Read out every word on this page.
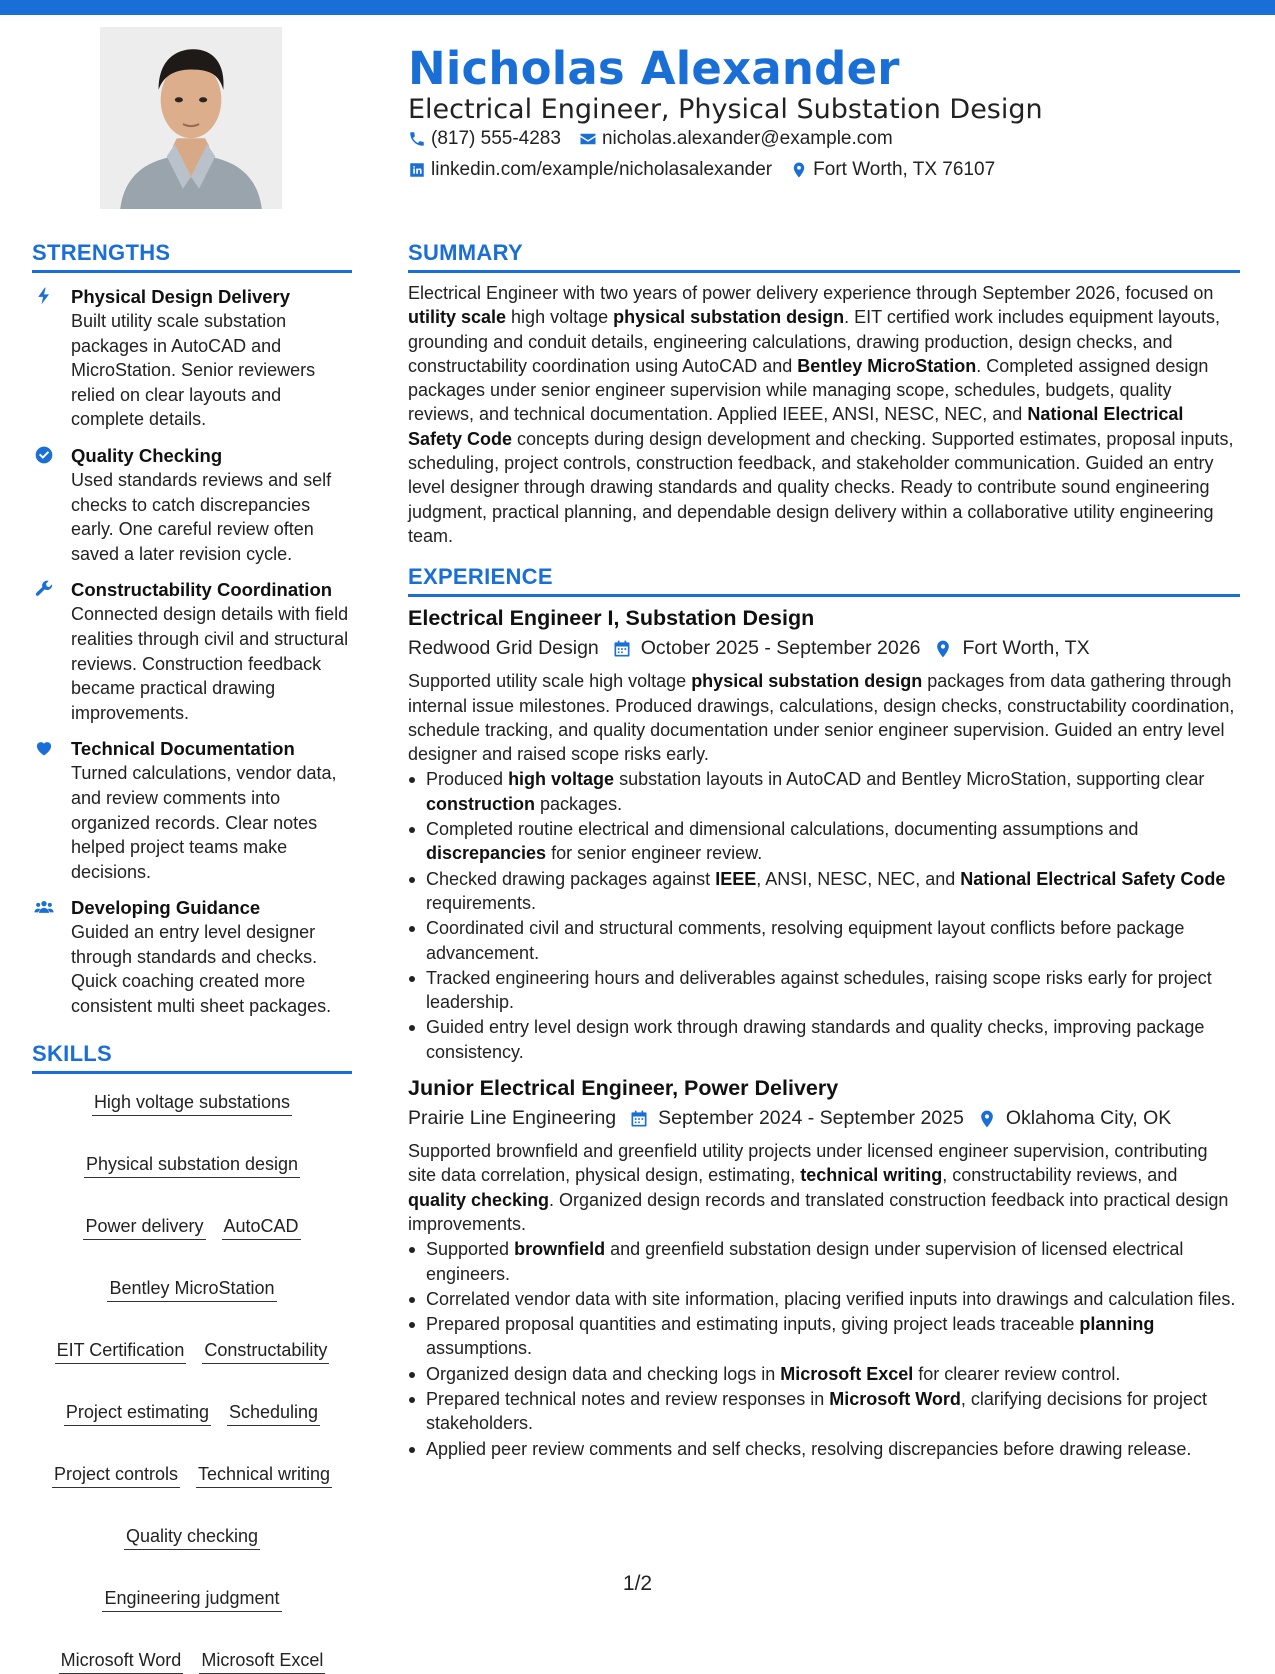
Nicholas Alexander
Electrical Engineer, Physical Substation Design
(817) 555-4283 nicholas.alexander@example.com
linkedin.com/example/nicholasalexander Fort Worth, TX 76107
STRENGTHS
Physical Design Delivery
Built utility scale substation packages in AutoCAD and MicroStation. Senior reviewers relied on clear layouts and complete details.
Quality Checking
Used standards reviews and self checks to catch discrepancies early. One careful review often saved a later revision cycle.
Constructability Coordination
Connected design details with field realities through civil and structural reviews. Construction feedback became practical drawing improvements.
Technical Documentation
Turned calculations, vendor data, and review comments into organized records. Clear notes helped project teams make decisions.
Developing Guidance
Guided an entry level designer through standards and checks. Quick coaching created more consistent multi sheet packages.
SKILLS
High voltage substations
Physical substation design
Power delivery AutoCAD
Bentley MicroStation
EIT Certification Constructability
Project estimating Scheduling
Project controls Technical writing
Quality checking
Engineering judgment
Microsoft Word Microsoft Excel
SUMMARY
Electrical Engineer with two years of power delivery experience through September 2026, focused on utility scale high voltage physical substation design. EIT certified work includes equipment layouts, grounding and conduit details, engineering calculations, drawing production, design checks, and constructability coordination using AutoCAD and Bentley MicroStation. Completed assigned design packages under senior engineer supervision while managing scope, schedules, budgets, quality reviews, and technical documentation. Applied IEEE, ANSI, NESC, NEC, and National Electrical Safety Code concepts during design development and checking. Supported estimates, proposal inputs, scheduling, project controls, construction feedback, and stakeholder communication. Guided an entry level designer through drawing standards and quality checks. Ready to contribute sound engineering judgment, practical planning, and dependable design delivery within a collaborative utility engineering team.
EXPERIENCE
Electrical Engineer I, Substation Design
Redwood Grid Design October 2025 - September 2026 Fort Worth, TX

Supported utility scale high voltage physical substation design packages from data gathering through internal issue milestones. Produced drawings, calculations, design checks, constructability coordination, schedule tracking, and quality documentation under senior engineer supervision. Guided an entry level designer and raised scope risks early.

Produced high voltage substation layouts in AutoCAD and Bentley MicroStation, supporting clear construction packages.
Completed routine electrical and dimensional calculations, documenting assumptions and discrepancies for senior engineer review.
Checked drawing packages against IEEE, ANSI, NESC, NEC, and National Electrical Safety Code requirements.
Coordinated civil and structural comments, resolving equipment layout conflicts before package advancement.
Tracked engineering hours and deliverables against schedules, raising scope risks early for project leadership.
Guided entry level design work through drawing standards and quality checks, improving package consistency.
Junior Electrical Engineer, Power Delivery
Prairie Line Engineering September 2024 - September 2025 Oklahoma City, OK

Supported brownfield and greenfield utility projects under licensed engineer supervision, contributing site data correlation, physical design, estimating, technical writing, constructability reviews, and quality checking. Organized design records and translated construction feedback into practical design improvements.

Supported brownfield and greenfield substation design under supervision of licensed electrical engineers.
Correlated vendor data with site information, placing verified inputs into drawings and calculation files.
Prepared proposal quantities and estimating inputs, giving project leads traceable planning assumptions.
Organized design data and checking logs in Microsoft Excel for clearer review control.
Prepared technical notes and review responses in Microsoft Word, clarifying decisions for project stakeholders.
Applied peer review comments and self checks, resolving discrepancies before drawing release.
1/2
